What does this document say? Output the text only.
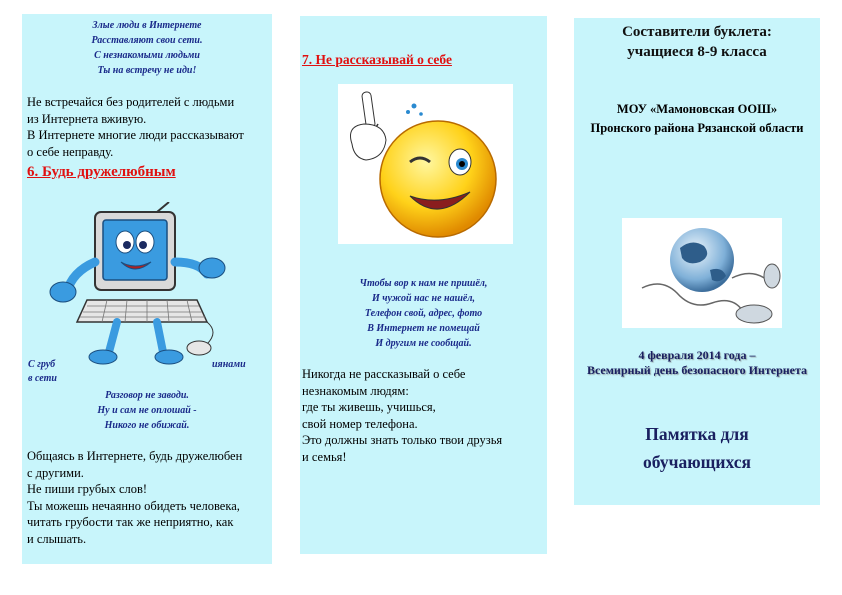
Злые люди в Интернете
Расставляют свои сети.
С незнакомыми людьми
Ты на встречу не иди!
Не встречайся без родителей с людьми
из Интернета вживую.
В Интернете многие люди рассказывают
о себе неправду.
6. Будь дружелюбным
С груб
в сети
иянами
Разговор не заводи.
Ну и сам не оплошай -
Никого не обижай.
Общаясь в Интернете, будь дружелюбен
с другими.
Не пиши грубых слов!
Ты можешь нечаянно обидеть человека,
читать грубости так же неприятно, как
и слышать.
7. Не рассказывай о себе
Чтобы вор к нам не пришёл,
И чужой нас не нашёл,
Телефон свой, адрес, фото
В Интернет не помещай
И другим не сообщай.
Никогда не рассказывай о себе
незнакомым людям:
где ты живешь, учишься,
свой номер телефона.
Это должны знать только твои друзья
и семья!
Составители буклета:
учащиеся 8-9 класса
МОУ «Мамоновская ООШ»
Пронского района Рязанской области
4 февраля 2014 года –
Всемирный день безопасного Интернета
Памятка для
обучающихся
